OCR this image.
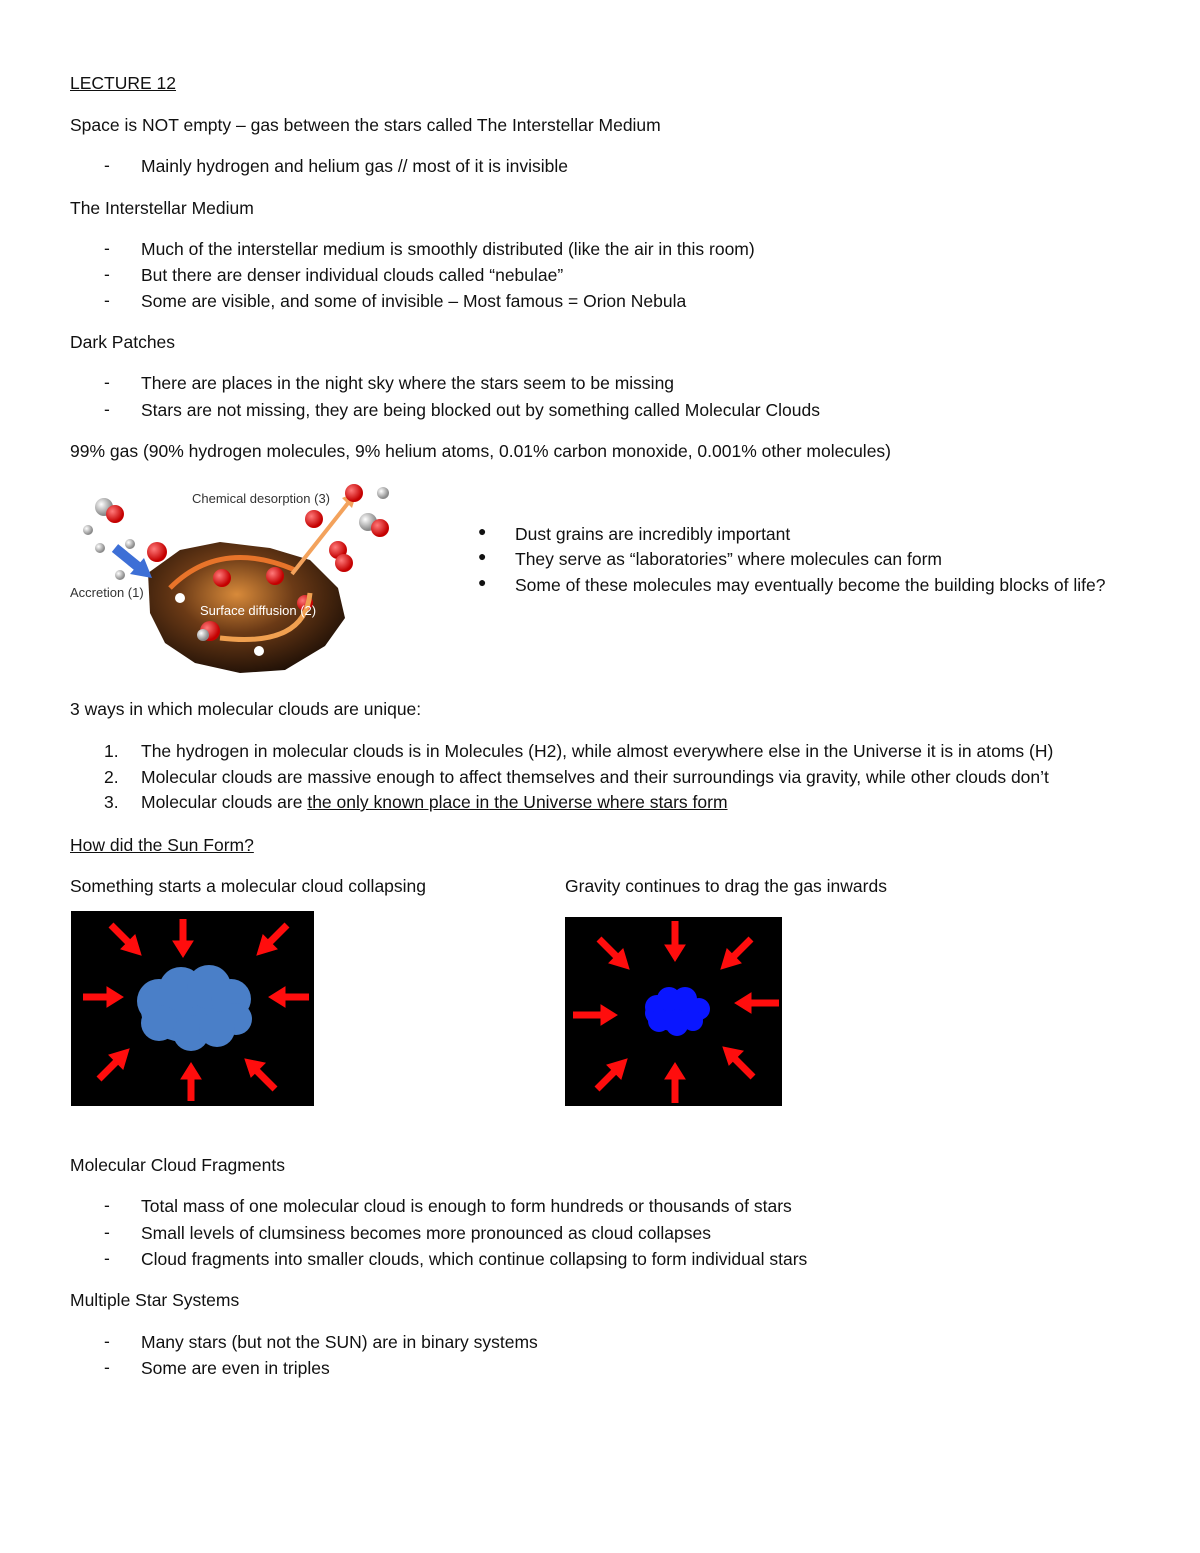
LECTURE 12
Space is NOT empty – gas between the stars called The Interstellar Medium
- Mainly hydrogen and helium gas // most of it is invisible
The Interstellar Medium
- Much of the interstellar medium is smoothly distributed (like the air in this room)
- But there are denser individual clouds called “nebulae”
- Some are visible, and some of invisible – Most famous = Orion Nebula
Dark Patches
- There are places in the night sky where the stars seem to be missing
- Stars are not missing, they are being blocked out by something called Molecular Clouds
99% gas (90% hydrogen molecules, 9% helium atoms, 0.01% carbon monoxide, 0.001% other molecules)
Chemical desorption (3)
Accretion (1)
Surface diffusion (2)
● Dust grains are incredibly important
● They serve as “laboratories” where molecules can form
● Some of these molecules may eventually become the building blocks of life?
3 ways in which molecular clouds are unique:
1. The hydrogen in molecular clouds is in Molecules (H2), while almost everywhere else in the Universe it is in atoms (H)
2. Molecular clouds are massive enough to affect themselves and their surroundings via gravity, while other clouds don’t
3. Molecular clouds are the only known place in the Universe where stars form
How did the Sun Form?
Something starts a molecular cloud collapsing	Gravity continues to drag the gas inwards
Molecular Cloud Fragments
- Total mass of one molecular cloud is enough to form hundreds or thousands of stars
- Small levels of clumsiness becomes more pronounced as cloud collapses
- Cloud fragments into smaller clouds, which continue collapsing to form individual stars
Multiple Star Systems
- Many stars (but not the SUN) are in binary systems
- Some are even in triples
